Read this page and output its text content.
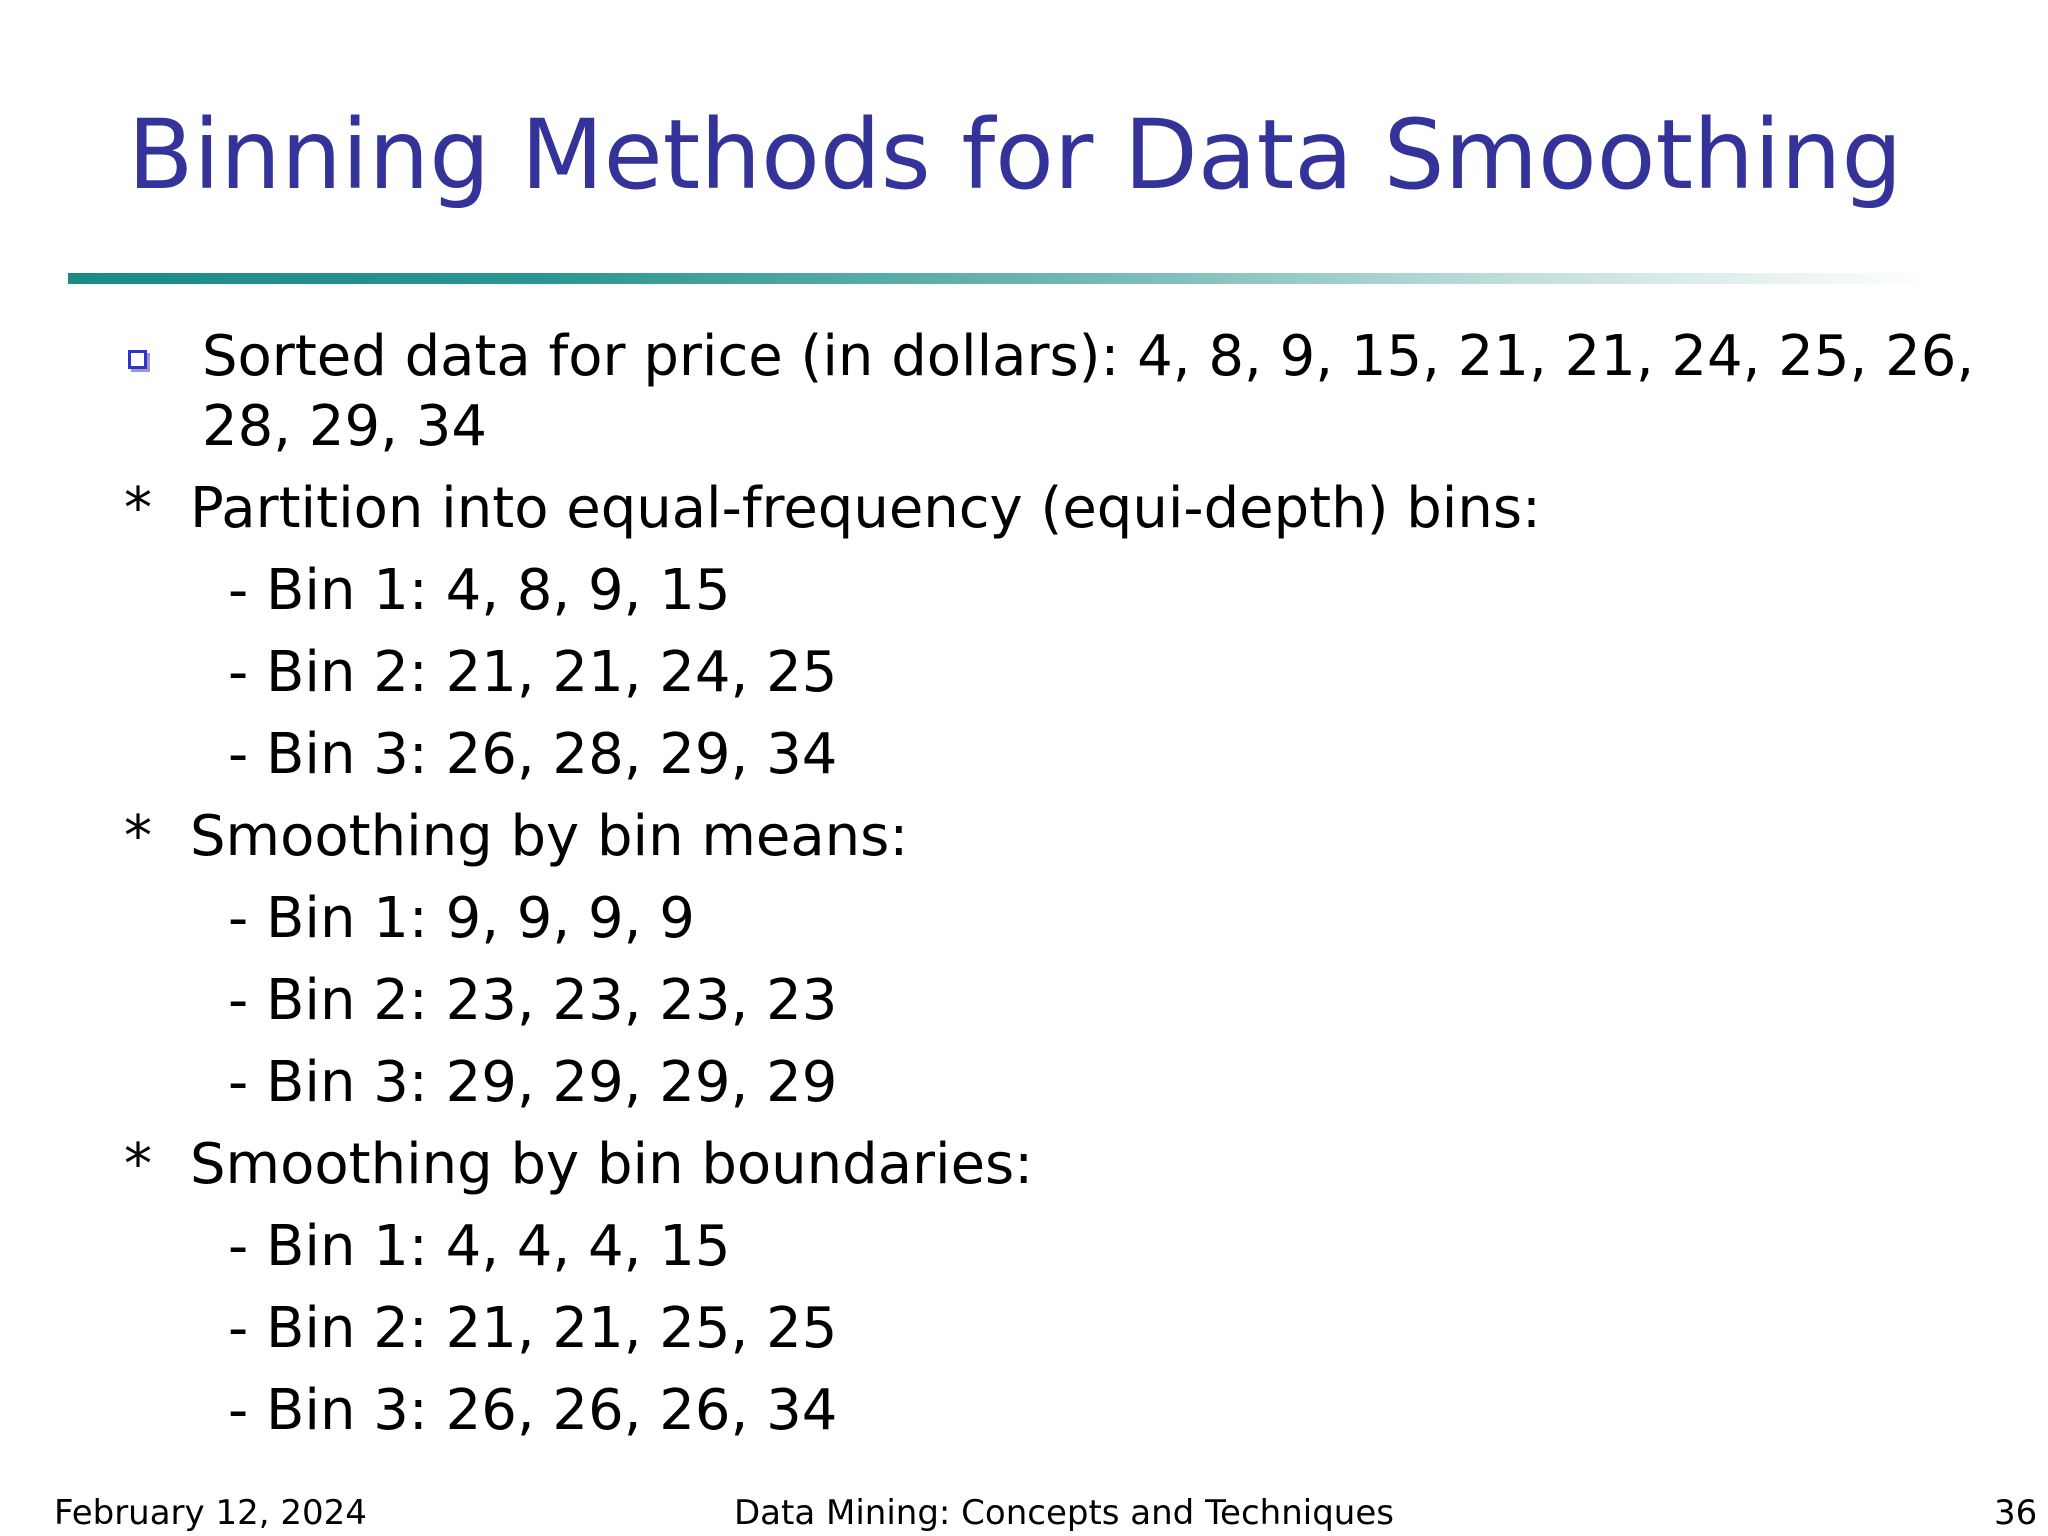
Binning Methods for Data Smoothing
Sorted data for price (in dollars): 4, 8, 9, 15, 21, 21, 24, 25, 26,
28, 29, 34
* Partition into equal-frequency (equi-depth) bins:
- Bin 1: 4, 8, 9, 15
- Bin 2: 21, 21, 24, 25
- Bin 3: 26, 28, 29, 34
* Smoothing by bin means:
- Bin 1: 9, 9, 9, 9
- Bin 2: 23, 23, 23, 23
- Bin 3: 29, 29, 29, 29
* Smoothing by bin boundaries:
- Bin 1: 4, 4, 4, 15
- Bin 2: 21, 21, 25, 25
- Bin 3: 26, 26, 26, 34
February 12, 2024	Data Mining: Concepts and Techniques	36
